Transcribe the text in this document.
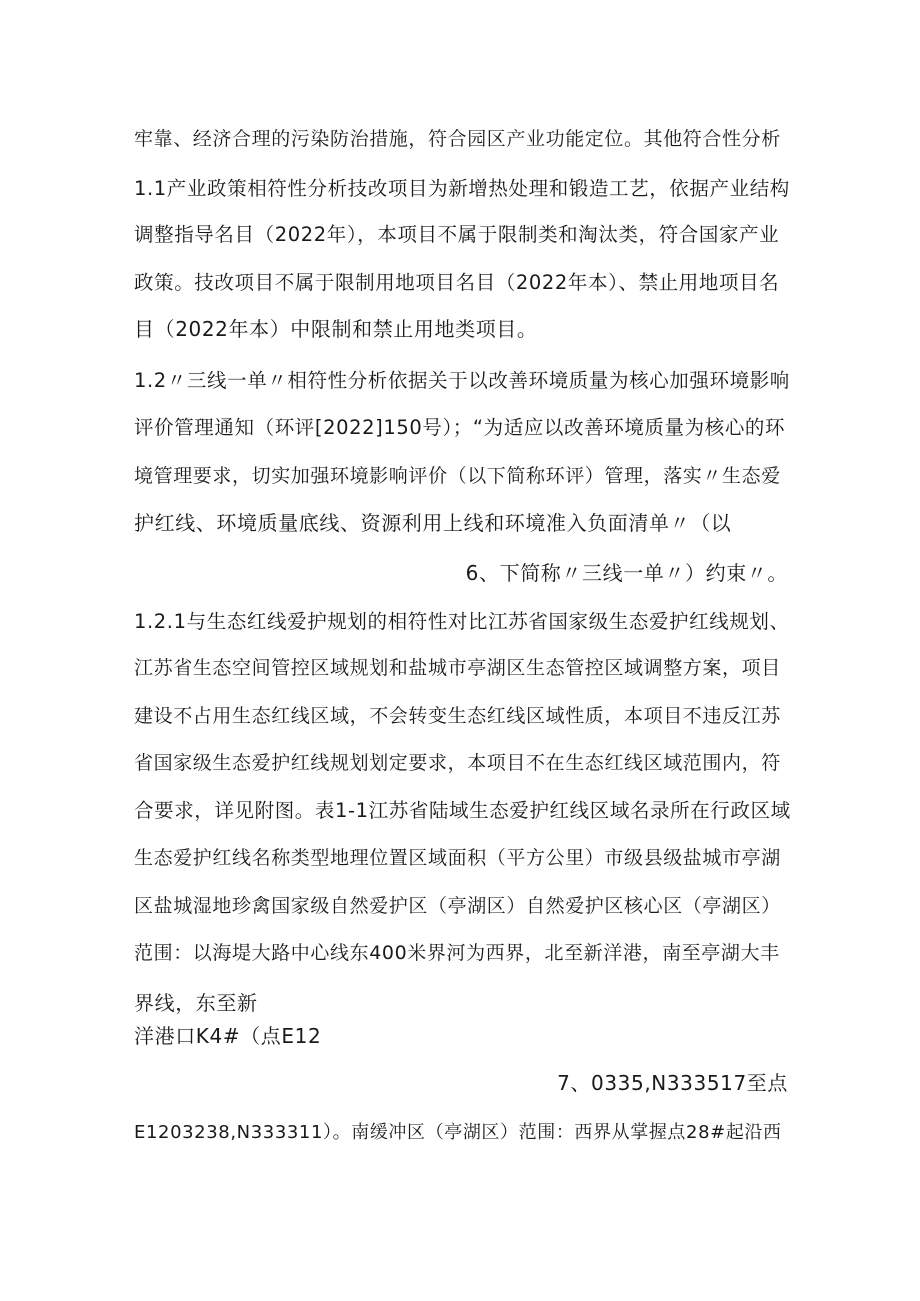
牢靠、经济合理的污染防治措施，符合园区产业功能定位。其他符合性分析
1.1产业政策相符性分析技改项目为新增热处理和锻造工艺，依据产业结构
调整指导名目（2022年），本项目不属于限制类和淘汰类，符合国家产业
政策。技改项目不属于限制用地项目名目（2022年本）、禁止用地项目名
目（2022年本）中限制和禁止用地类项目。
1.2〃三线一单〃相符性分析依据关于以改善环境质量为核心加强环境影响
评价管理通知（环评[2022]150号）；“为适应以改善环境质量为核心的环
境管理要求，切实加强环境影响评价（以下简称环评）管理，落实〃生态爱
护红线、环境质量底线、资源利用上线和环境准入负面清单〃（以
6、下简称〃三线一单〃）约束〃。
1.2.1与生态红线爱护规划的相符性对比江苏省国家级生态爱护红线规划、
江苏省生态空间管控区域规划和盐城市亭湖区生态管控区域调整方案，项目
建设不占用生态红线区域，不会转变生态红线区域性质，本项目不违反江苏
省国家级生态爱护红线规划划定要求，本项目不在生态红线区域范围内，符
合要求，详见附图。表1-1江苏省陆域生态爱护红线区域名录所在行政区域
生态爱护红线名称类型地理位置区域面积（平方公里）市级县级盐城市亭湖
区盐城湿地珍禽国家级自然爱护区（亭湖区）自然爱护区核心区（亭湖区）
范围：以海堤大路中心线东400米界河为西界，北至新洋港，南至亭湖大丰
界线，东至新
洋港口K4#（点E12
7、0335,N333517至点
E1203238,N333311）。南缓冲区（亭湖区）范围：西界从掌握点28#起沿西
